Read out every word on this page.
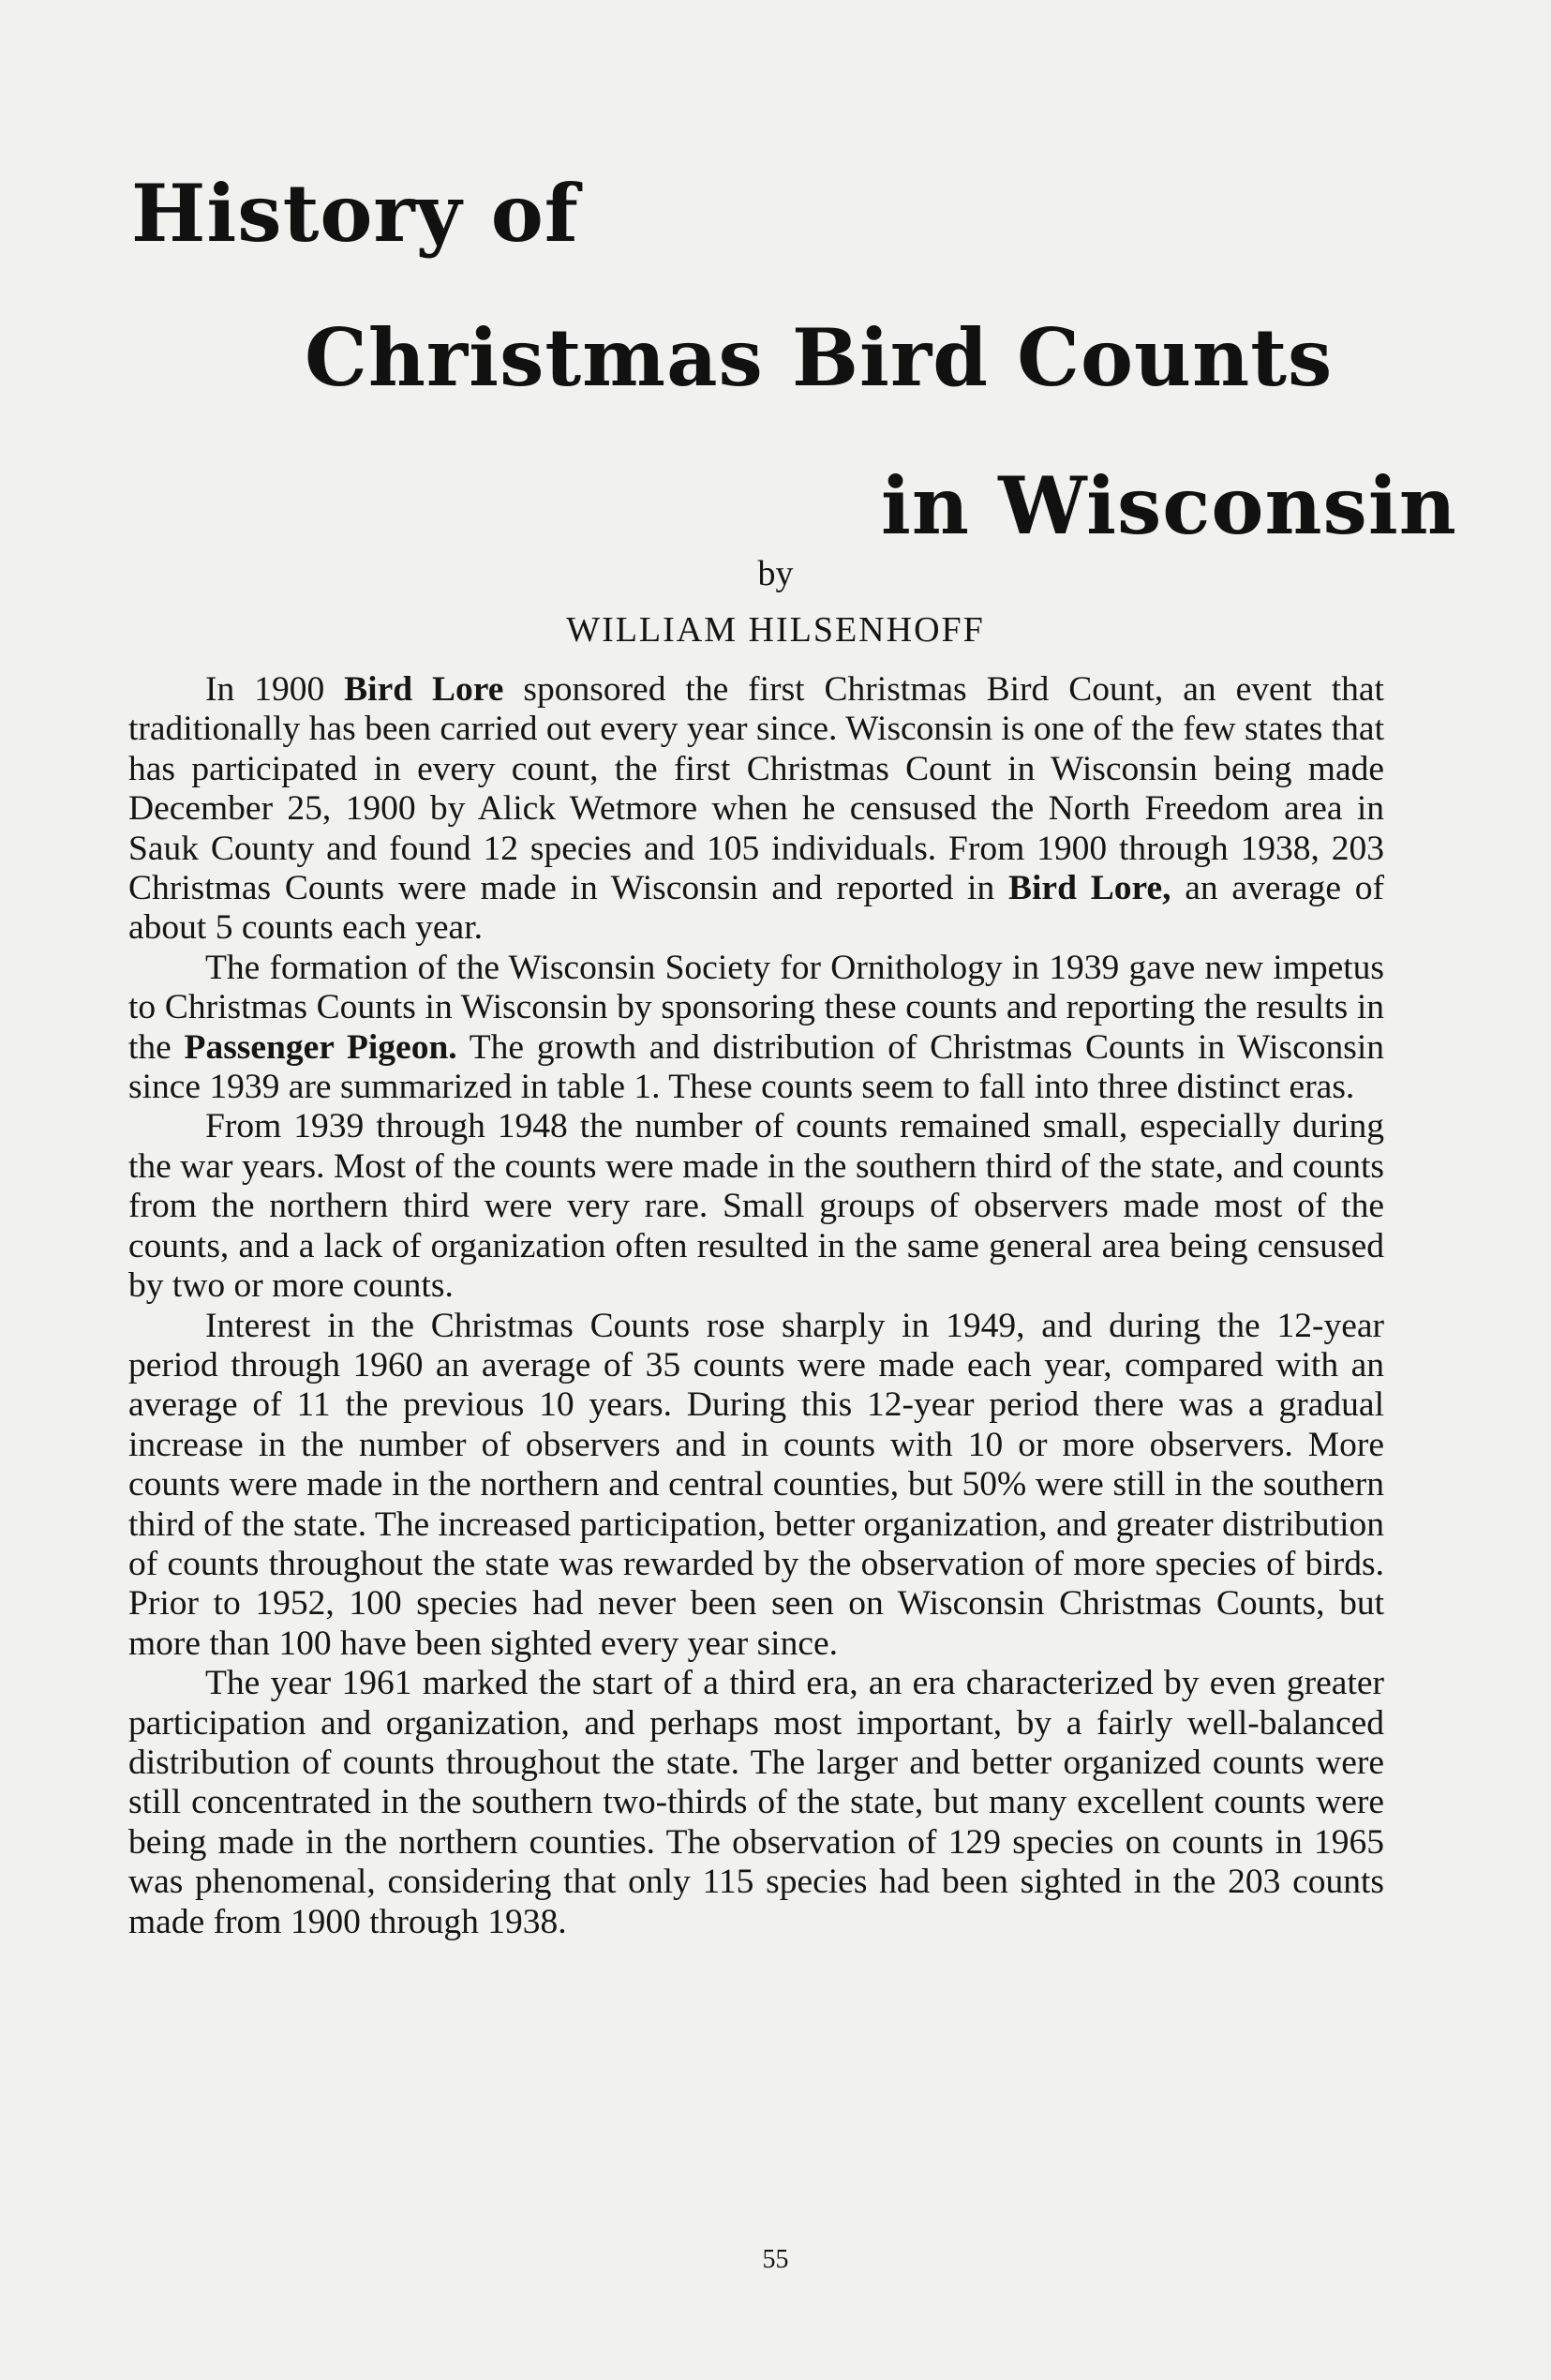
History of
Christmas Bird Counts
in Wisconsin

by

WILLIAM HILSENHOFF

In 1900 Bird Lore sponsored the first Christmas Bird Count, an event that traditionally has been carried out every year since. Wisconsin is one of the few states that has participated in every count, the first Christmas Count in Wisconsin being made December 25, 1900 by Alick Wetmore when he censused the North Freedom area in Sauk County and found 12 species and 105 individuals. From 1900 through 1938, 203 Christmas Counts were made in Wisconsin and reported in Bird Lore, an average of about 5 counts each year.

The formation of the Wisconsin Society for Ornithology in 1939 gave new impetus to Christmas Counts in Wisconsin by sponsoring these counts and reporting the results in the Passenger Pigeon. The growth and distribution of Christmas Counts in Wisconsin since 1939 are summarized in table 1. These counts seem to fall into three distinct eras.

From 1939 through 1948 the number of counts remained small, especially during the war years. Most of the counts were made in the southern third of the state, and counts from the northern third were very rare. Small groups of observers made most of the counts, and a lack of organization often resulted in the same general area being censused by two or more counts.

Interest in the Christmas Counts rose sharply in 1949, and during the 12-year period through 1960 an average of 35 counts were made each year, compared with an average of 11 the previous 10 years. During this 12-year period there was a gradual increase in the number of observers and in counts with 10 or more observers. More counts were made in the northern and central counties, but 50% were still in the southern third of the state. The increased participation, better organization, and greater distribution of counts throughout the state was rewarded by the observation of more species of birds. Prior to 1952, 100 species had never been seen on Wisconsin Christmas Counts, but more than 100 have been sighted every year since.

The year 1961 marked the start of a third era, an era characterized by even greater participation and organization, and perhaps most important, by a fairly well-balanced distribution of counts throughout the state. The larger and better organized counts were still concentrated in the southern two-thirds of the state, but many excellent counts were being made in the northern counties. The observation of 129 species on counts in 1965 was phenomenal, considering that only 115 species had been sighted in the 203 counts made from 1900 through 1938.

55
